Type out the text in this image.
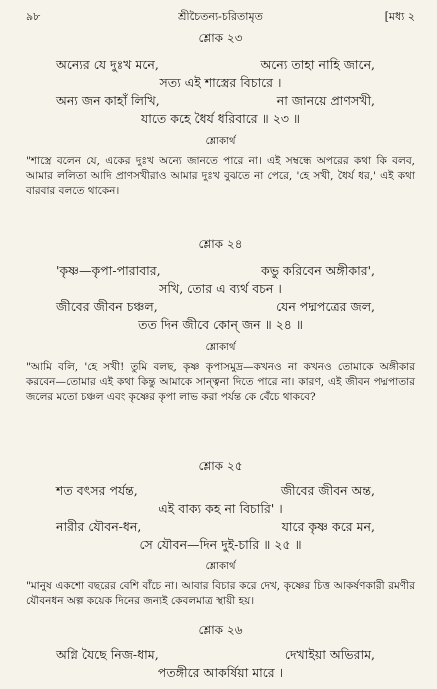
৯৮	শ্রীচৈতন্য-চরিতামৃত	[মধ্য ২
শ্লোক ২৩
অন্যের যে দুঃখ মনে,	অন্যে তাহা নাহি জানে,
সত্য এই শাস্ত্রের বিচারে ।
অন্য জন কাহাঁ লিখি,	না জানয়ে প্রাণসখী,
যাতে কহে ধৈর্য ধরিবারে ॥ ২৩ ॥
শ্লোকার্থ
"শাস্ত্রে বলেন যে, একের দুঃখ অন্যে জানতে পারে না। এই সম্বন্ধে অপরের কথা কি বলব, আমার ললিতা আদি প্রাণসখীরাও আমার দুঃখ বুঝতে না পেরে, 'হে সখী, ধৈর্য ধর,' এই কথা বারবার বলতে থাকেন।
শ্লোক ২৪
'কৃষ্ণ—কৃপা-পারাবার,	কভু করিবেন অঙ্গীকার',
সখি, তোর এ ব্যর্থ বচন ।
জীবের জীবন চঞ্চল,	যেন পদ্মপত্রের জল,
তত দিন জীবে কোন্ জন ॥ ২৪ ॥
শ্লোকার্থ
"আমি বলি, 'হে সখী! তুমি বলছ, কৃষ্ণ কৃপাসমুদ্র—কখনও না কখনও তোমাকে অঙ্গীকার করবেন—তোমার এই কথা কিন্তু আমাকে সান্ত্বনা দিতে পারে না। কারণ, এই জীবন পদ্মপাতার জলের মতো চঞ্চল এবং কৃষ্ণের কৃপা লাভ করা পর্যন্ত কে বেঁচে থাকবে?
শ্লোক ২৫
শত বৎসর পর্যন্ত,	জীবের জীবন অন্ত,
এই বাক্য কহ না বিচারি' ।
নারীর যৌবন-ধন,	যারে কৃষ্ণ করে মন,
সে যৌবন—দিন দুই-চারি ॥ ২৫ ॥
শ্লোকার্থ
"মানুষ একশো বছরের বেশি বাঁচে না। আবার বিচার করে দেখ, কৃষ্ণের চিত্ত আকর্ষণকারী রমণীর যৌবনধন অল্প কয়েক দিনের জন্যই কেবলমাত্র স্থায়ী হয়।
শ্লোক ২৬
অগ্নি যৈছে নিজ-ধাম,	দেখাইয়া অভিরাম,
পতঙ্গীরে আকর্ষিয়া মারে ।
